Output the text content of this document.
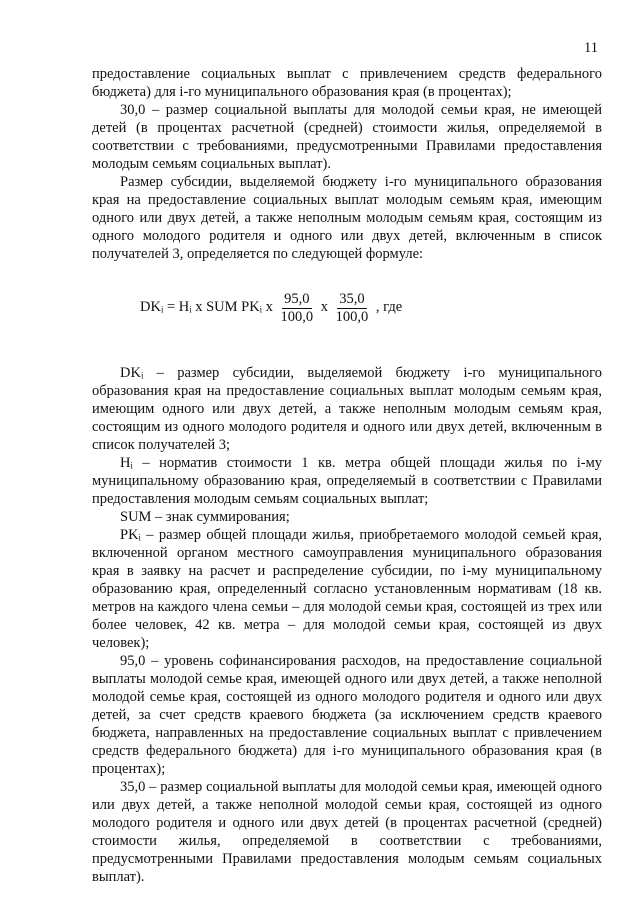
11

предоставление социальных выплат с привлечением средств федерального бюджета) для i-го муниципального образования края (в процентах);

30,0 – размер социальной выплаты для молодой семьи края, не имеющей детей (в процентах расчетной (средней) стоимости жилья, определяемой в соответствии с требованиями, предусмотренными Правилами предоставления молодым семьям социальных выплат).

Размер субсидии, выделяемой бюджету i-го муниципального образования края на предоставление социальных выплат молодым семьям края, имеющим одного или двух детей, а также неполным молодым семьям края, состоящим из одного молодого родителя и одного или двух детей, включенным в список получателей 3, определяется по следующей формуле:

DKᵢ = Hᵢ x SUM PKᵢ x $\frac{95,0}{100,0}$ x $\frac{35,0}{100,0}$ , где

DKᵢ – размер субсидии, выделяемой бюджету i-го муниципального образования края на предоставление социальных выплат молодым семьям края, имеющим одного или двух детей, а также неполным молодым семьям края, состоящим из одного молодого родителя и одного или двух детей, включенным в список получателей 3;

Hᵢ – норматив стоимости 1 кв. метра общей площади жилья по i-му муниципальному образованию края, определяемый в соответствии с Правилами предоставления молодым семьям социальных выплат;

SUM – знак суммирования;

PKᵢ – размер общей площади жилья, приобретаемого молодой семьей края, включенной органом местного самоуправления муниципального образования края в заявку на расчет и распределение субсидии, по i-му муниципальному образованию края, определенный согласно установленным нормативам (18 кв. метров на каждого члена семьи – для молодой семьи края, состоящей из трех или более человек, 42 кв. метра – для молодой семьи края, состоящей из двух человек);

95,0 – уровень софинансирования расходов, на предоставление социальной выплаты молодой семье края, имеющей одного или двух детей, а также неполной молодой семье края, состоящей из одного молодого родителя и одного или двух детей, за счет средств краевого бюджета (за исключением средств краевого бюджета, направленных на предоставление социальных выплат с привлечением средств федерального бюджета) для i-го муниципального образования края (в процентах);

35,0 – размер социальной выплаты для молодой семьи края, имеющей одного или двух детей, а также неполной молодой семьи края, состоящей из одного молодого родителя и одного или двух детей (в процентах расчетной (средней) стоимости жилья, определяемой в соответствии с требованиями, предусмотренными Правилами предоставления молодым семьям социальных выплат).
